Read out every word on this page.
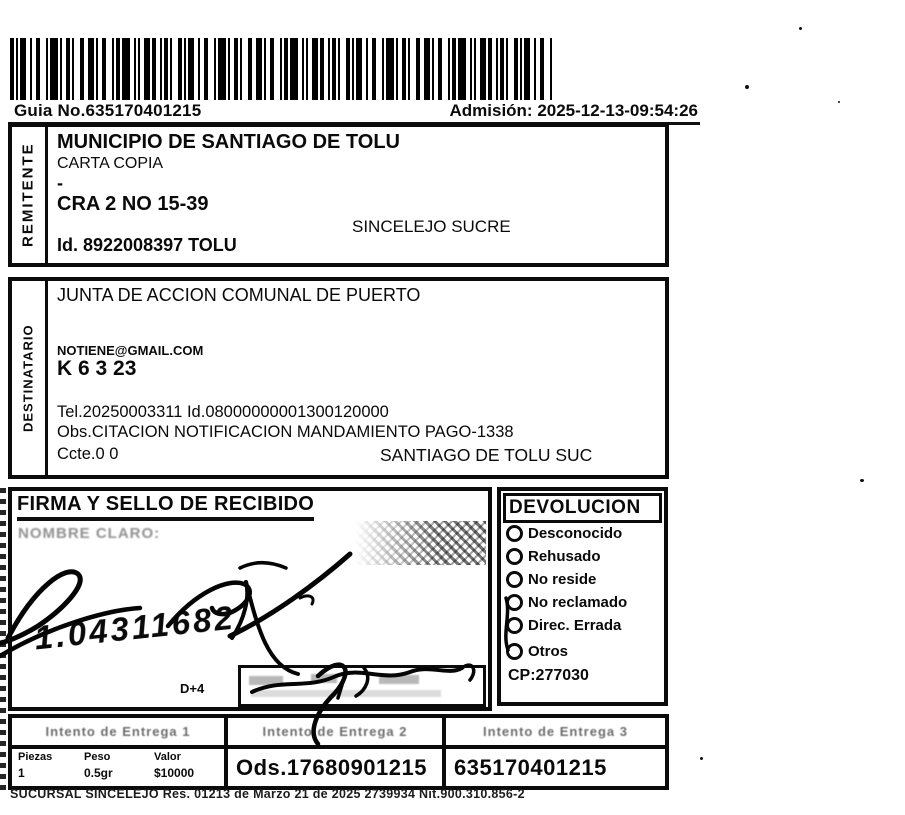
Guia No.635170401215	Admisión: 2025-12-13-09:54:26
REMITENTE
MUNICIPIO DE SANTIAGO DE TOLU
CARTA COPIA
-
CRA 2 NO 15-39
SINCELEJO SUCRE
Id. 8922008397 TOLU
DESTINATARIO
JUNTA DE ACCION COMUNAL DE PUERTO
NOTIENE@GMAIL.COM
K 6 3 23
Tel.20250003311 Id.08000000001300120000
Obs.CITACION NOTIFICACION MANDAMIENTO PAGO-1338
Ccte.0 0	SANTIAGO DE TOLU SUC
FIRMA Y SELLO DE RECIBIDO
NOMBRE CLARO:
1.04311682
D+4
DEVOLUCION
Desconocido
Rehusado
No reside
No reclamado
Direc. Errada
Otros
CP:277030
Intento de Entrega 1	Intento de Entrega 2	Intento de Entrega 3
Piezas	Peso	Valor
1	0.5gr	$10000	Ods.17680901215	635170401215
SUCURSAL SINCELEJO Res. 01213 de Marzo 21 de 2025 2739934 Nit.900.310.856-2
